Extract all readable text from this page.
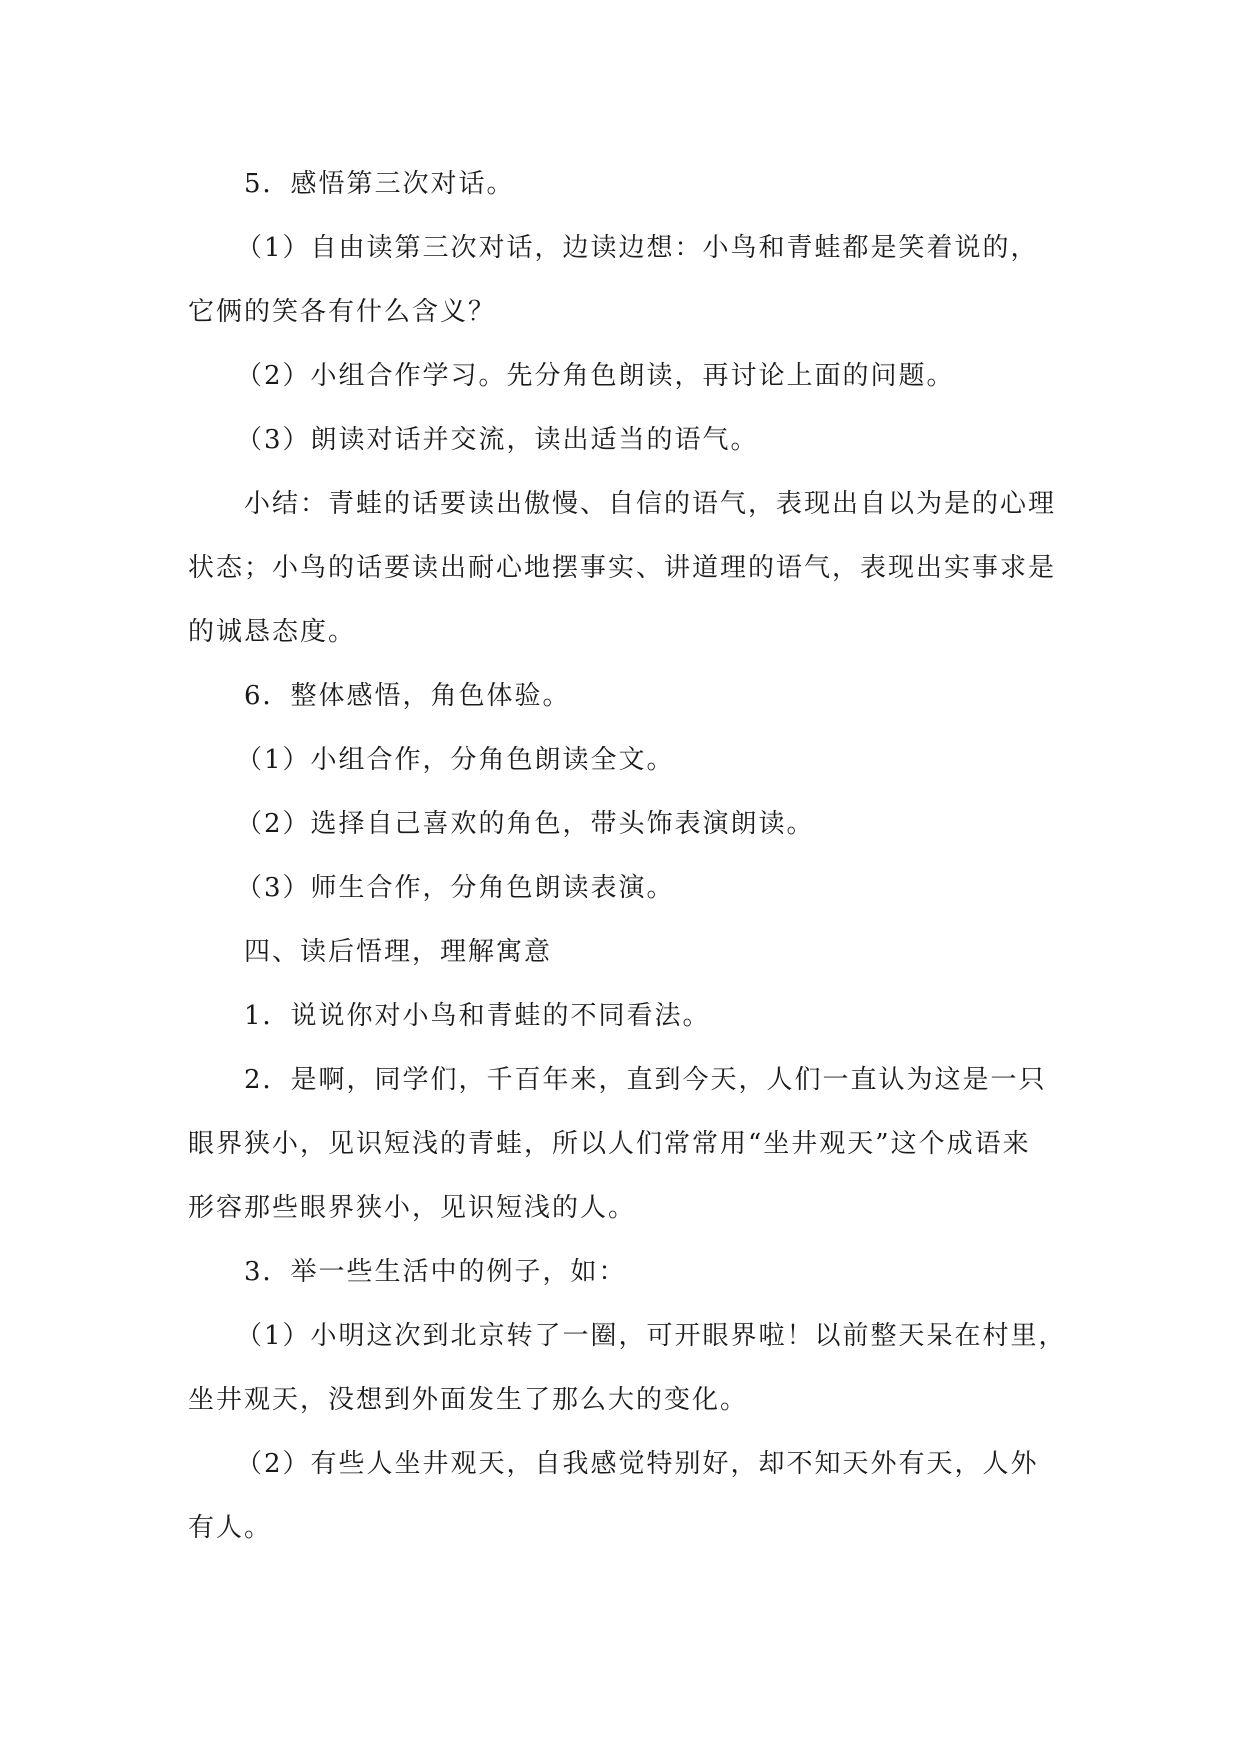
5．感悟第三次对话。
（1）自由读第三次对话，边读边想：小鸟和青蛙都是笑着说的，
它俩的笑各有什么含义？
（2）小组合作学习。先分角色朗读，再讨论上面的问题。
（3）朗读对话并交流，读出适当的语气。
小结：青蛙的话要读出傲慢、自信的语气，表现出自以为是的心理
状态；小鸟的话要读出耐心地摆事实、讲道理的语气，表现出实事求是
的诚恳态度。
6．整体感悟，角色体验。
（1）小组合作，分角色朗读全文。
（2）选择自己喜欢的角色，带头饰表演朗读。
（3）师生合作，分角色朗读表演。
四、读后悟理，理解寓意
1．说说你对小鸟和青蛙的不同看法。
2．是啊，同学们，千百年来，直到今天，人们一直认为这是一只
眼界狭小，见识短浅的青蛙，所以人们常常用“坐井观天”这个成语来
形容那些眼界狭小，见识短浅的人。
3．举一些生活中的例子，如：
（1）小明这次到北京转了一圈，可开眼界啦！以前整天呆在村里，
坐井观天，没想到外面发生了那么大的变化。
（2）有些人坐井观天，自我感觉特别好，却不知天外有天，人外
有人。
